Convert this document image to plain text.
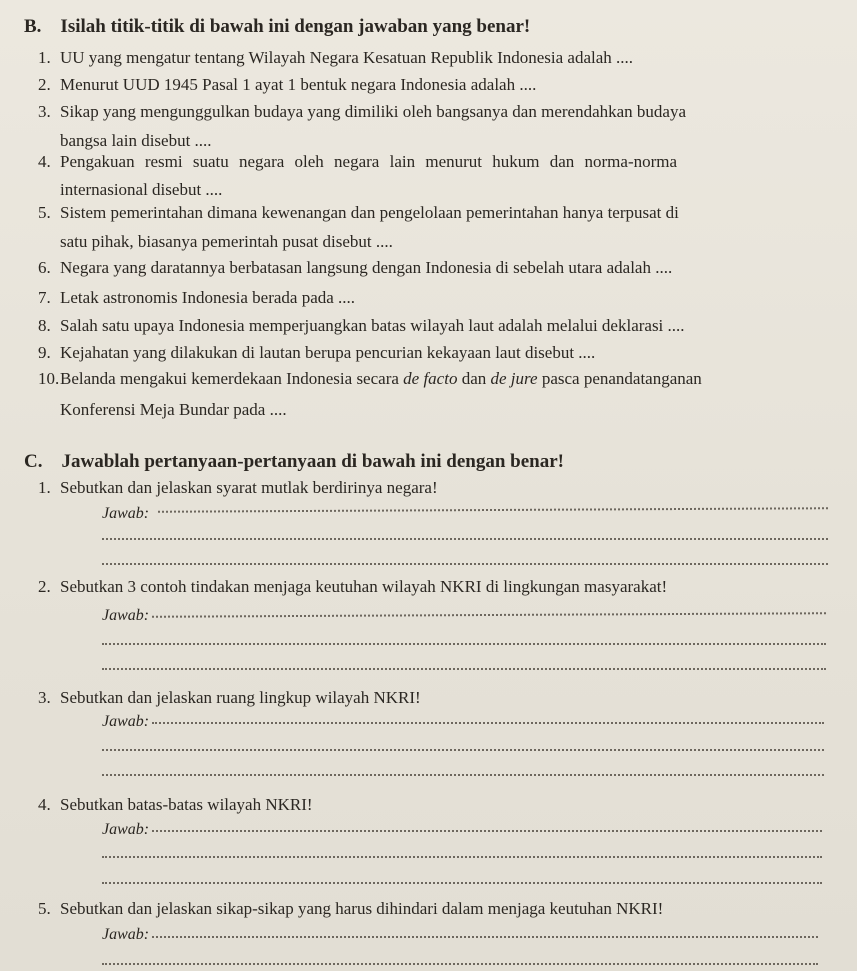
B. Isilah titik-titik di bawah ini dengan jawaban yang benar!
1. UU yang mengatur tentang Wilayah Negara Kesatuan Republik Indonesia adalah ....
2. Menurut UUD 1945 Pasal 1 ayat 1 bentuk negara Indonesia adalah ....
3. Sikap yang mengunggulkan budaya yang dimiliki oleh bangsanya dan merendahkan budaya
bangsa lain disebut ....
4. Pengakuan resmi suatu negara oleh negara lain menurut hukum dan norma-norma
internasional disebut ....
5. Sistem pemerintahan dimana kewenangan dan pengelolaan pemerintahan hanya terpusat di
satu pihak, biasanya pemerintah pusat disebut ....
6. Negara yang daratannya berbatasan langsung dengan Indonesia di sebelah utara adalah ....
7. Letak astronomis Indonesia berada pada ....
8. Salah satu upaya Indonesia memperjuangkan batas wilayah laut adalah melalui deklarasi ....
9. Kejahatan yang dilakukan di lautan berupa pencurian kekayaan laut disebut ....
10.Belanda mengakui kemerdekaan Indonesia secara de facto dan de jure pasca penandatanganan
Konferensi Meja Bundar pada ....
C. Jawablah pertanyaan-pertanyaan di bawah ini dengan benar!
1. Sebutkan dan jelaskan syarat mutlak berdirinya negara!
Jawab:
2. Sebutkan 3 contoh tindakan menjaga keutuhan wilayah NKRI di lingkungan masyarakat!
Jawab:
3. Sebutkan dan jelaskan ruang lingkup wilayah NKRI!
Jawab:
4. Sebutkan batas-batas wilayah NKRI!
Jawab:
5. Sebutkan dan jelaskan sikap-sikap yang harus dihindari dalam menjaga keutuhan NKRI!
Jawab:
